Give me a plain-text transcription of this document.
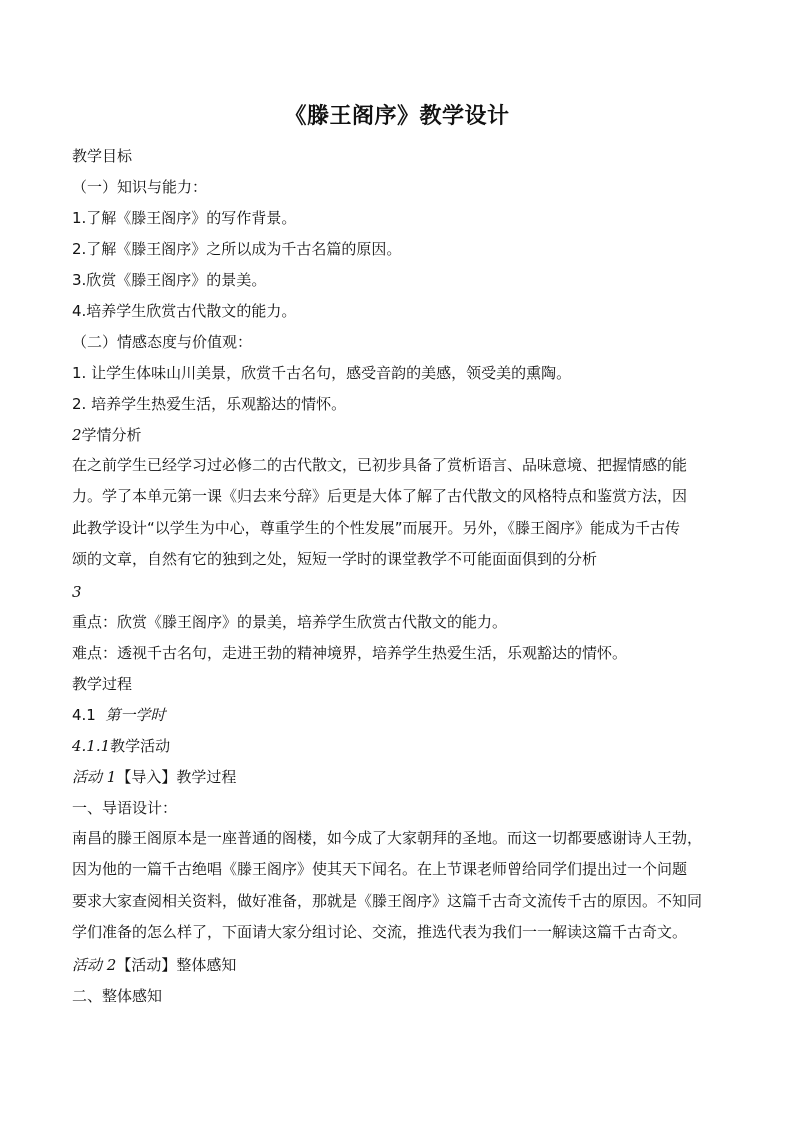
《滕王阁序》教学设计
教学目标
（一）知识与能力：
1.了解《滕王阁序》的写作背景。
2.了解《滕王阁序》之所以成为千古名篇的原因。
3.欣赏《滕王阁序》的景美。
4.培养学生欣赏古代散文的能力。
（二）情感态度与价值观：
1. 让学生体味山川美景，欣赏千古名句，感受音韵的美感，领受美的熏陶。
2. 培养学生热爱生活，乐观豁达的情怀。
2学情分析
在之前学生已经学习过必修二的古代散文，已初步具备了赏析语言、品味意境、把握情感的能
力。学了本单元第一课《归去来兮辞》后更是大体了解了古代散文的风格特点和鉴赏方法，因
此教学设计“以学生为中心，尊重学生的个性发展”而展开。另外，《滕王阁序》能成为千古传
颂的文章，自然有它的独到之处，短短一学时的课堂教学不可能面面俱到的分析
3
重点：欣赏《滕王阁序》的景美，培养学生欣赏古代散文的能力。
难点：透视千古名句，走进王勃的精神境界，培养学生热爱生活，乐观豁达的情怀。
教学过程
4.1 第一学时
4.1.1教学活动
活动 1【导入】教学过程
一、导语设计：
南昌的滕王阁原本是一座普通的阁楼，如今成了大家朝拜的圣地。而这一切都要感谢诗人王勃，
因为他的一篇千古绝唱《滕王阁序》使其天下闻名。在上节课老师曾给同学们提出过一个问题
要求大家查阅相关资料，做好准备，那就是《滕王阁序》这篇千古奇文流传千古的原因。不知同
学们准备的怎么样了，下面请大家分组讨论、交流，推选代表为我们一一解读这篇千古奇文。
活动 2【活动】整体感知
二、整体感知
